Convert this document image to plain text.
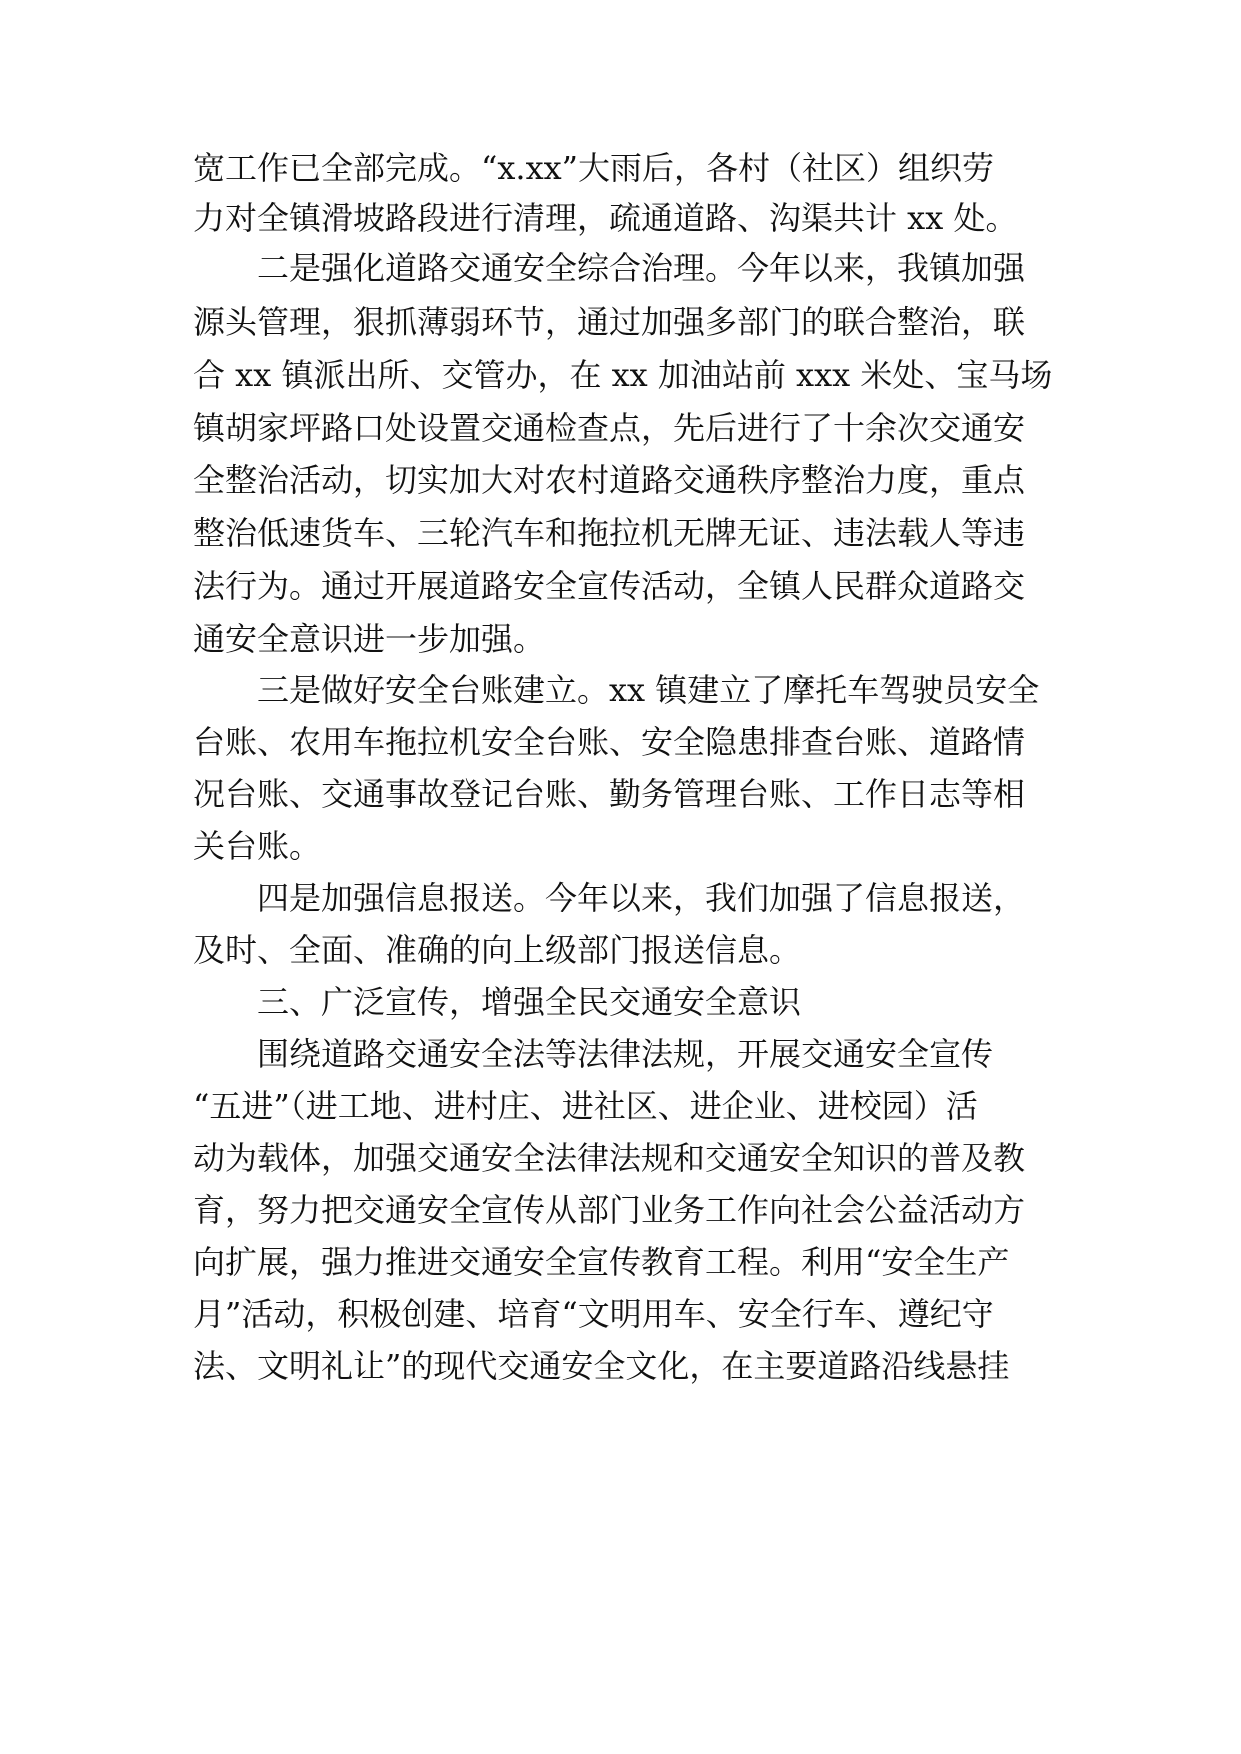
宽工作已全部完成。“x.xx”大雨后，各村（社区）组织劳
力对全镇滑坡路段进行清理，疏通道路、沟渠共计 xx 处。
二是强化道路交通安全综合治理。今年以来，我镇加强
源头管理，狠抓薄弱环节，通过加强多部门的联合整治，联
合 xx 镇派出所、交管办，在 xx 加油站前 xxx 米处、宝马场
镇胡家坪路口处设置交通检查点，先后进行了十余次交通安
全整治活动，切实加大对农村道路交通秩序整治力度，重点
整治低速货车、三轮汽车和拖拉机无牌无证、违法载人等违
法行为。通过开展道路安全宣传活动，全镇人民群众道路交
通安全意识进一步加强。
三是做好安全台账建立。xx 镇建立了摩托车驾驶员安全
台账、农用车拖拉机安全台账、安全隐患排查台账、道路情
况台账、交通事故登记台账、勤务管理台账、工作日志等相
关台账。
四是加强信息报送。今年以来，我们加强了信息报送，
及时、全面、准确的向上级部门报送信息。
三、广泛宣传，增强全民交通安全意识
围绕道路交通安全法等法律法规，开展交通安全宣传
“五进”（进工地、进村庄、进社区、进企业、进校园）活
动为载体，加强交通安全法律法规和交通安全知识的普及教
育，努力把交通安全宣传从部门业务工作向社会公益活动方
向扩展，强力推进交通安全宣传教育工程。利用“安全生产
月”活动，积极创建、培育“文明用车、安全行车、遵纪守
法、文明礼让”的现代交通安全文化，在主要道路沿线悬挂
